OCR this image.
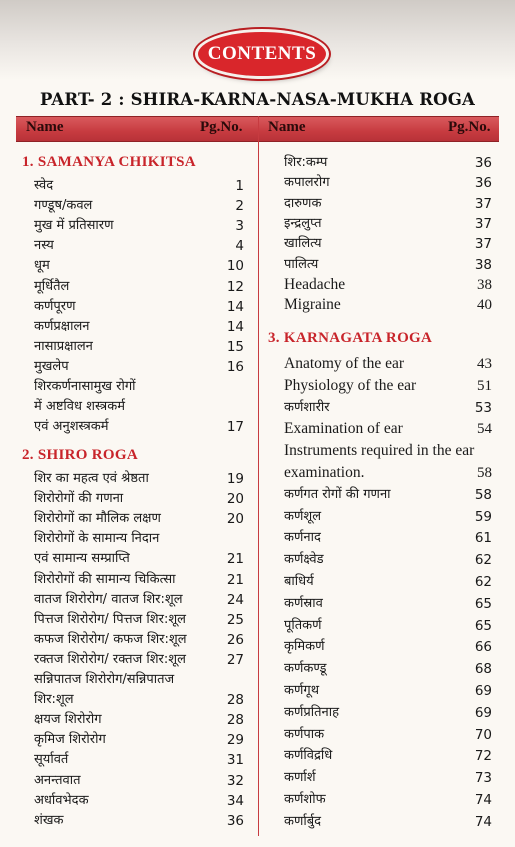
CONTENTS
PART- 2 : SHIRA-KARNA-NASA-MUKHA ROGA
Name	Pg.No. Name	Pg.No.
1. SAMANYA CHIKITSA
स्वेद	1
गण्डूष/कवल	2
मुख में प्रतिसारण	3
नस्य	4
धूम	10
मूर्धितैल	12
कर्णपूरण	14
कर्णप्रक्षालन	14
नासाप्रक्षालन	15
मुखलेप	16
शिरकर्णनासामुख रोगों
में अष्टविध शस्त्रकर्म
एवं अनुशस्त्रकर्म	17
2. SHIRO ROGA
शिर का महत्व एवं श्रेष्ठता	19
शिरोरोगों की गणना	20
शिरोरोगों का मौलिक लक्षण	20
शिरोरोगों के सामान्य निदान
एवं सामान्य सम्प्राप्ति	21
शिरोरोगों की सामान्य चिकित्सा	21
वातज शिरोरोग/ वातज शिर:शूल	24
पित्तज शिरोरोग/ पित्तज शिर:शूल	25
कफज शिरोरोग/ कफज शिर:शूल	26
रक्तज शिरोरोग/ रक्तज शिर:शूल	27
सन्निपातज शिरोरोग/सन्निपातज
शिर:शूल	28
क्षयज शिरोरोग	28
कृमिज शिरोरोग	29
सूर्यावर्त	31
अनन्तवात	32
अर्धावभेदक	34
शंखक	36
शिर:कम्प	36
कपालरोग	36
दारुणक	37
इन्द्रलुप्त	37
खालित्य	37
पालित्य	38
Headache	38
Migraine	40
3. KARNAGATA ROGA
Anatomy of the ear	43
Physiology of the ear	51
कर्णशारीर	53
Examination of ear	54
Instruments required in the ear
examination.	58
कर्णगत रोगों की गणना	58
कर्णशूल	59
कर्णनाद	61
कर्णक्ष्वेड	62
बाधिर्य	62
कर्णस्राव	65
पूतिकर्ण	65
कृमिकर्ण	66
कर्णकण्डू	68
कर्णगूथ	69
कर्णप्रतिनाह	69
कर्णपाक	70
कर्णविद्रधि	72
कर्णार्श	73
कर्णशोफ	74
कर्णार्बुद	74
